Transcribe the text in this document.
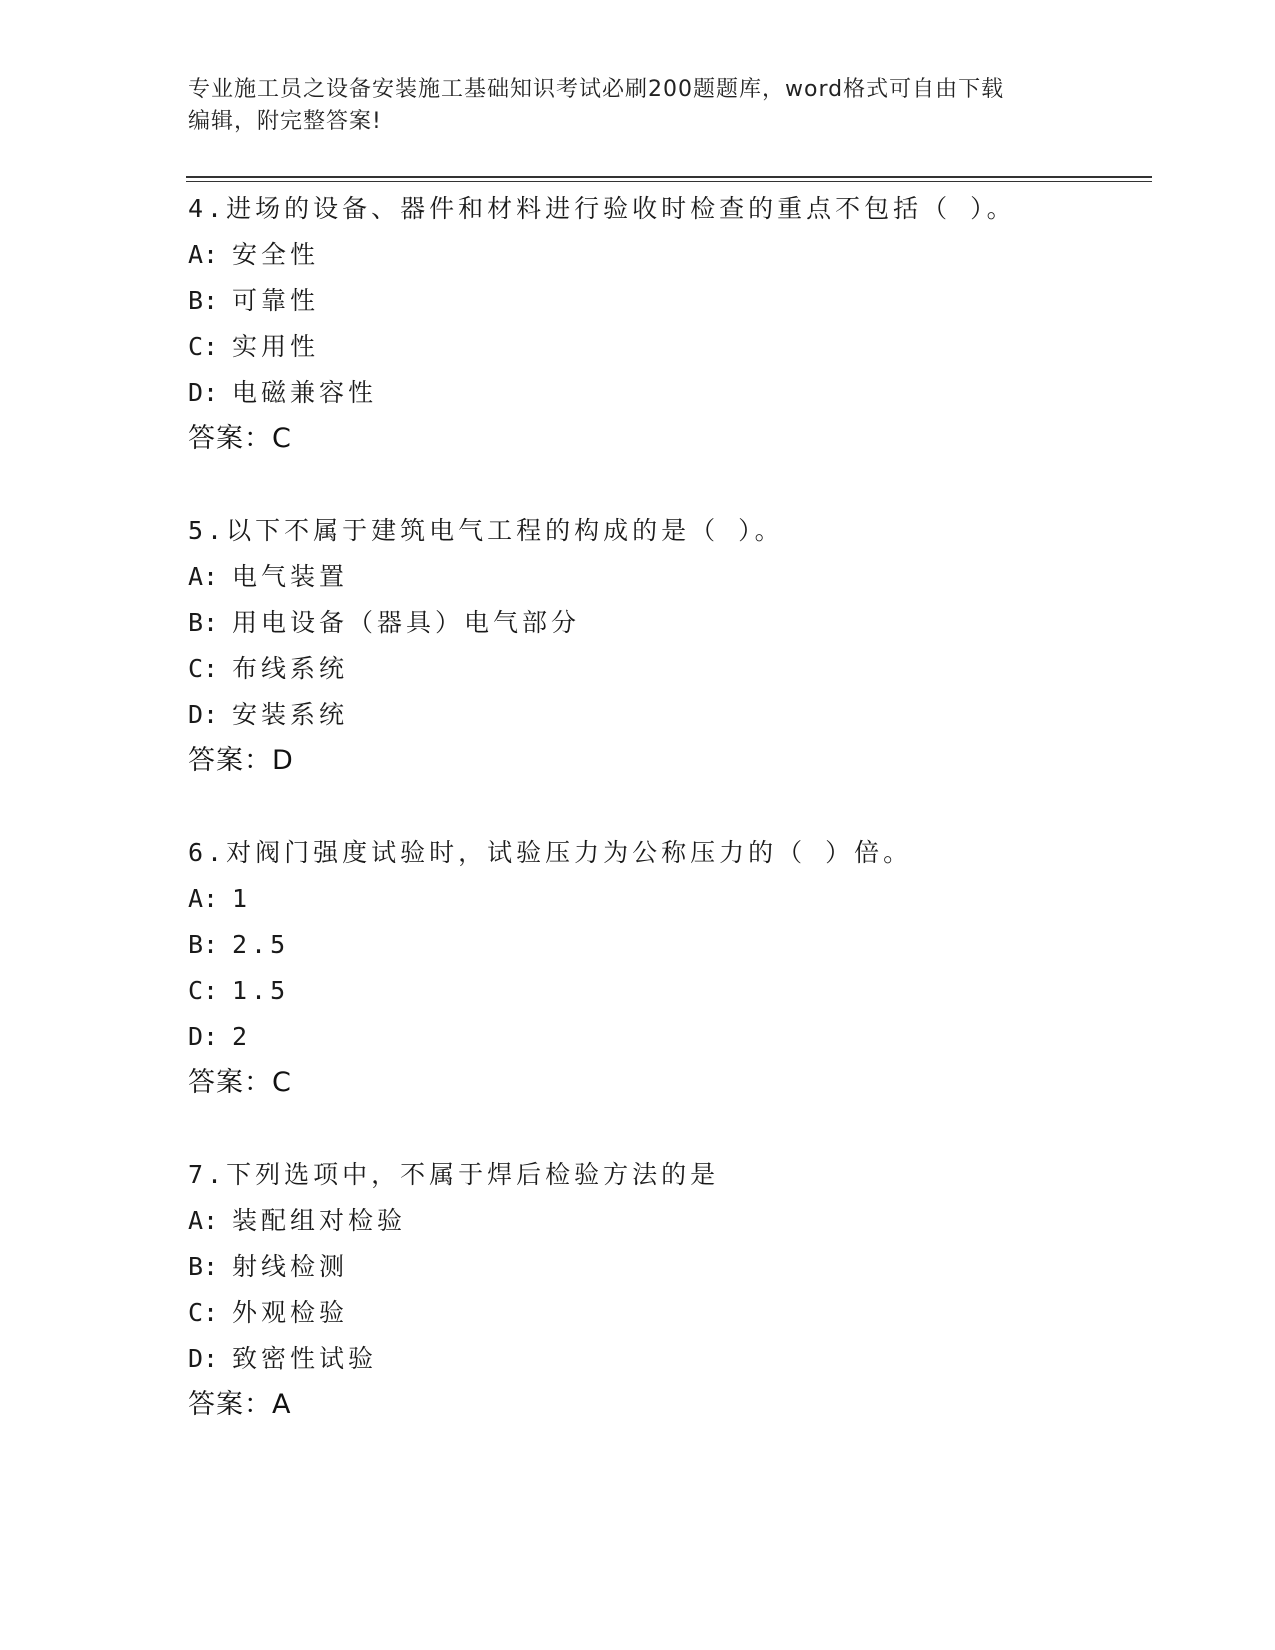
专业施工员之设备安装施工基础知识考试必刷200题题库，word格式可自由下载
编辑，附完整答案!
4.进场的设备、器件和材料进行验收时检查的重点不包括（ ）。
A: 安全性
B: 可靠性
C: 实用性
D: 电磁兼容性
答案：C
5.以下不属于建筑电气工程的构成的是（ ）。
A: 电气装置
B: 用电设备（器具）电气部分
C: 布线系统
D: 安装系统
答案：D
6.对阀门强度试验时，试验压力为公称压力的（ ）倍。
A: 1
B: 2.5
C: 1.5
D: 2
答案：C
7.下列选项中，不属于焊后检验方法的是
A: 装配组对检验
B: 射线检测
C: 外观检验
D: 致密性试验
答案：A
